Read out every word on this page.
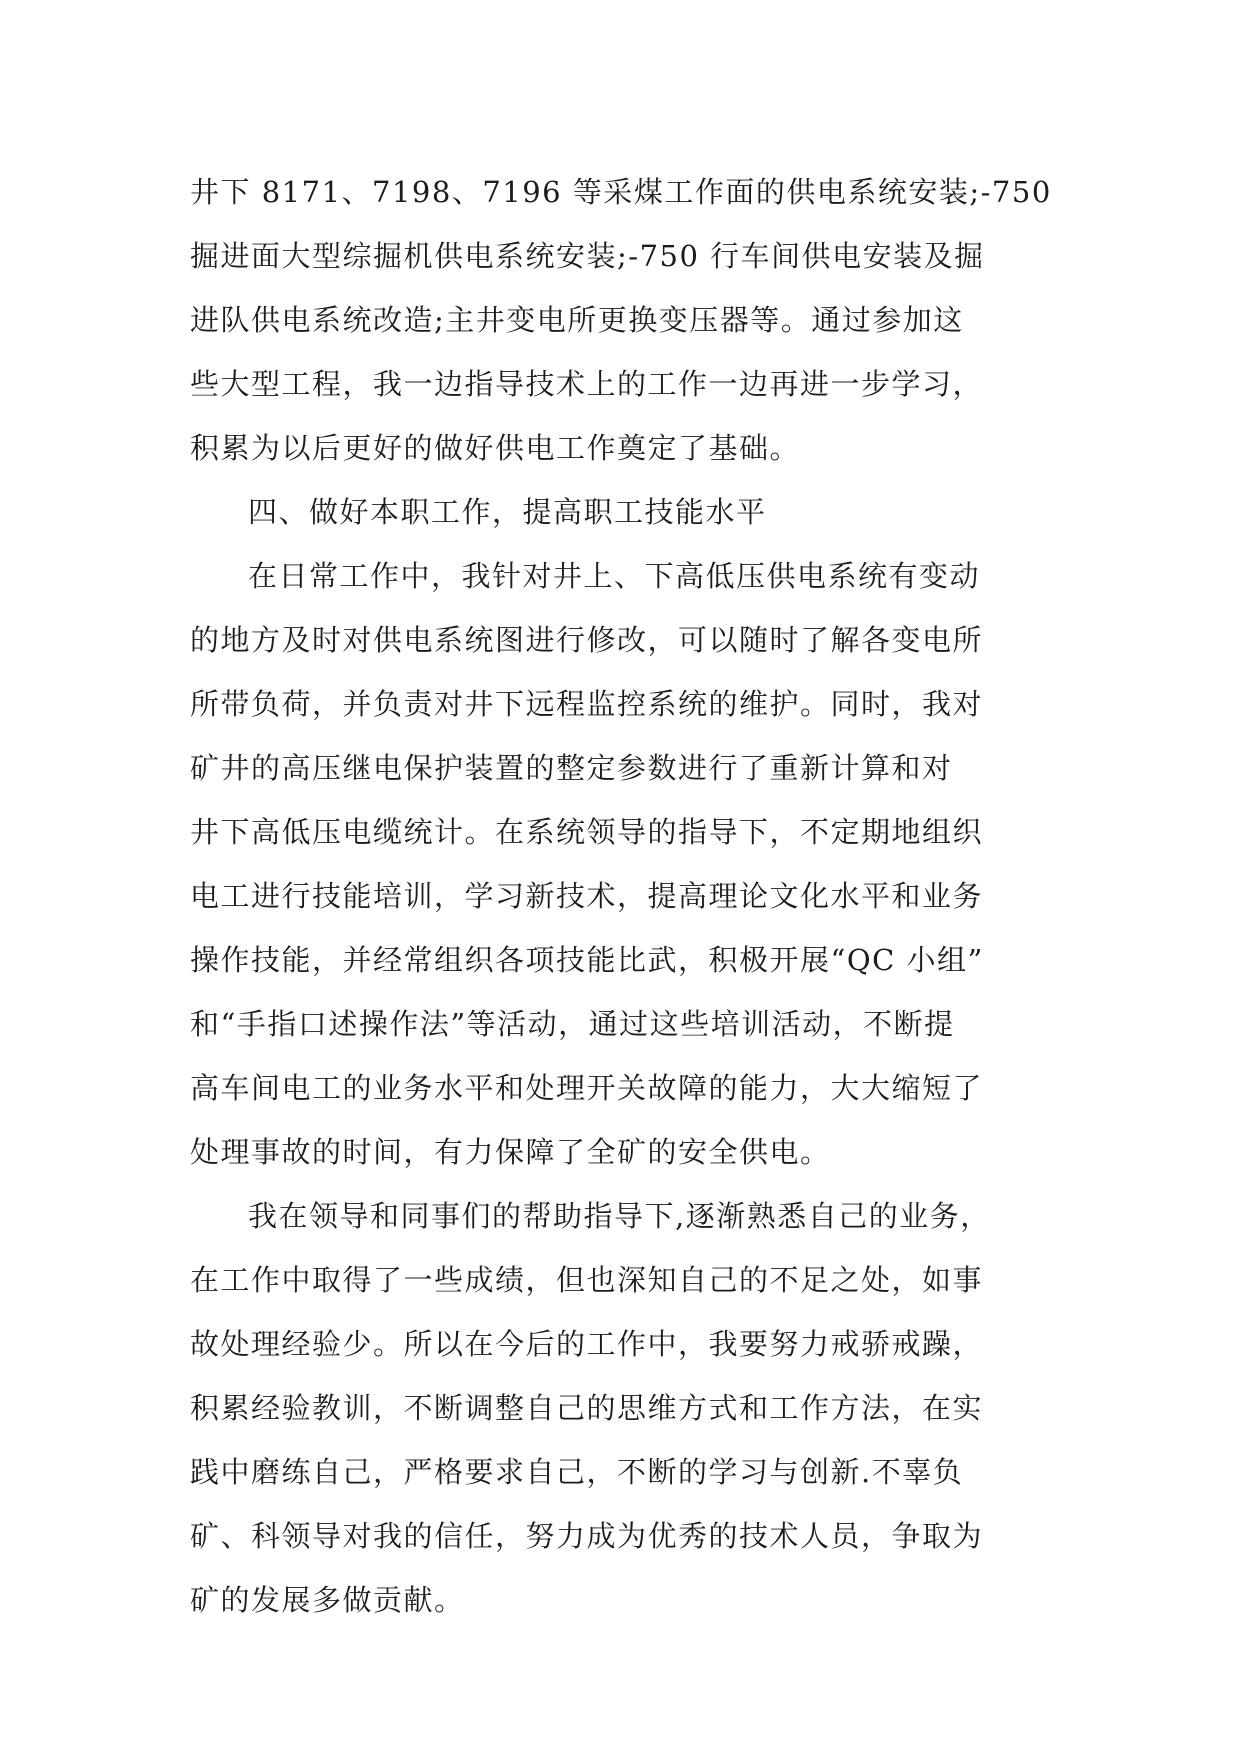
井下 8171、7198、7196 等采煤工作面的供电系统安装;-750
掘进面大型综掘机供电系统安装;-750 行车间供电安装及掘
进队供电系统改造;主井变电所更换变压器等。通过参加这
些大型工程，我一边指导技术上的工作一边再进一步学习，
积累为以后更好的做好供电工作奠定了基础。
四、做好本职工作，提高职工技能水平
在日常工作中，我针对井上、下高低压供电系统有变动
的地方及时对供电系统图进行修改，可以随时了解各变电所
所带负荷，并负责对井下远程监控系统的维护。同时，我对
矿井的高压继电保护装置的整定参数进行了重新计算和对
井下高低压电缆统计。在系统领导的指导下，不定期地组织
电工进行技能培训，学习新技术，提高理论文化水平和业务
操作技能，并经常组织各项技能比武，积极开展“QC 小组”
和“手指口述操作法”等活动，通过这些培训活动，不断提
高车间电工的业务水平和处理开关故障的能力，大大缩短了
处理事故的时间，有力保障了全矿的安全供电。
我在领导和同事们的帮助指导下,逐渐熟悉自己的业务，
在工作中取得了一些成绩，但也深知自己的不足之处，如事
故处理经验少。所以在今后的工作中，我要努力戒骄戒躁，
积累经验教训，不断调整自己的思维方式和工作方法，在实
践中磨练自己，严格要求自己，不断的学习与创新.不辜负
矿、科领导对我的信任，努力成为优秀的技术人员，争取为
矿的发展多做贡献。
